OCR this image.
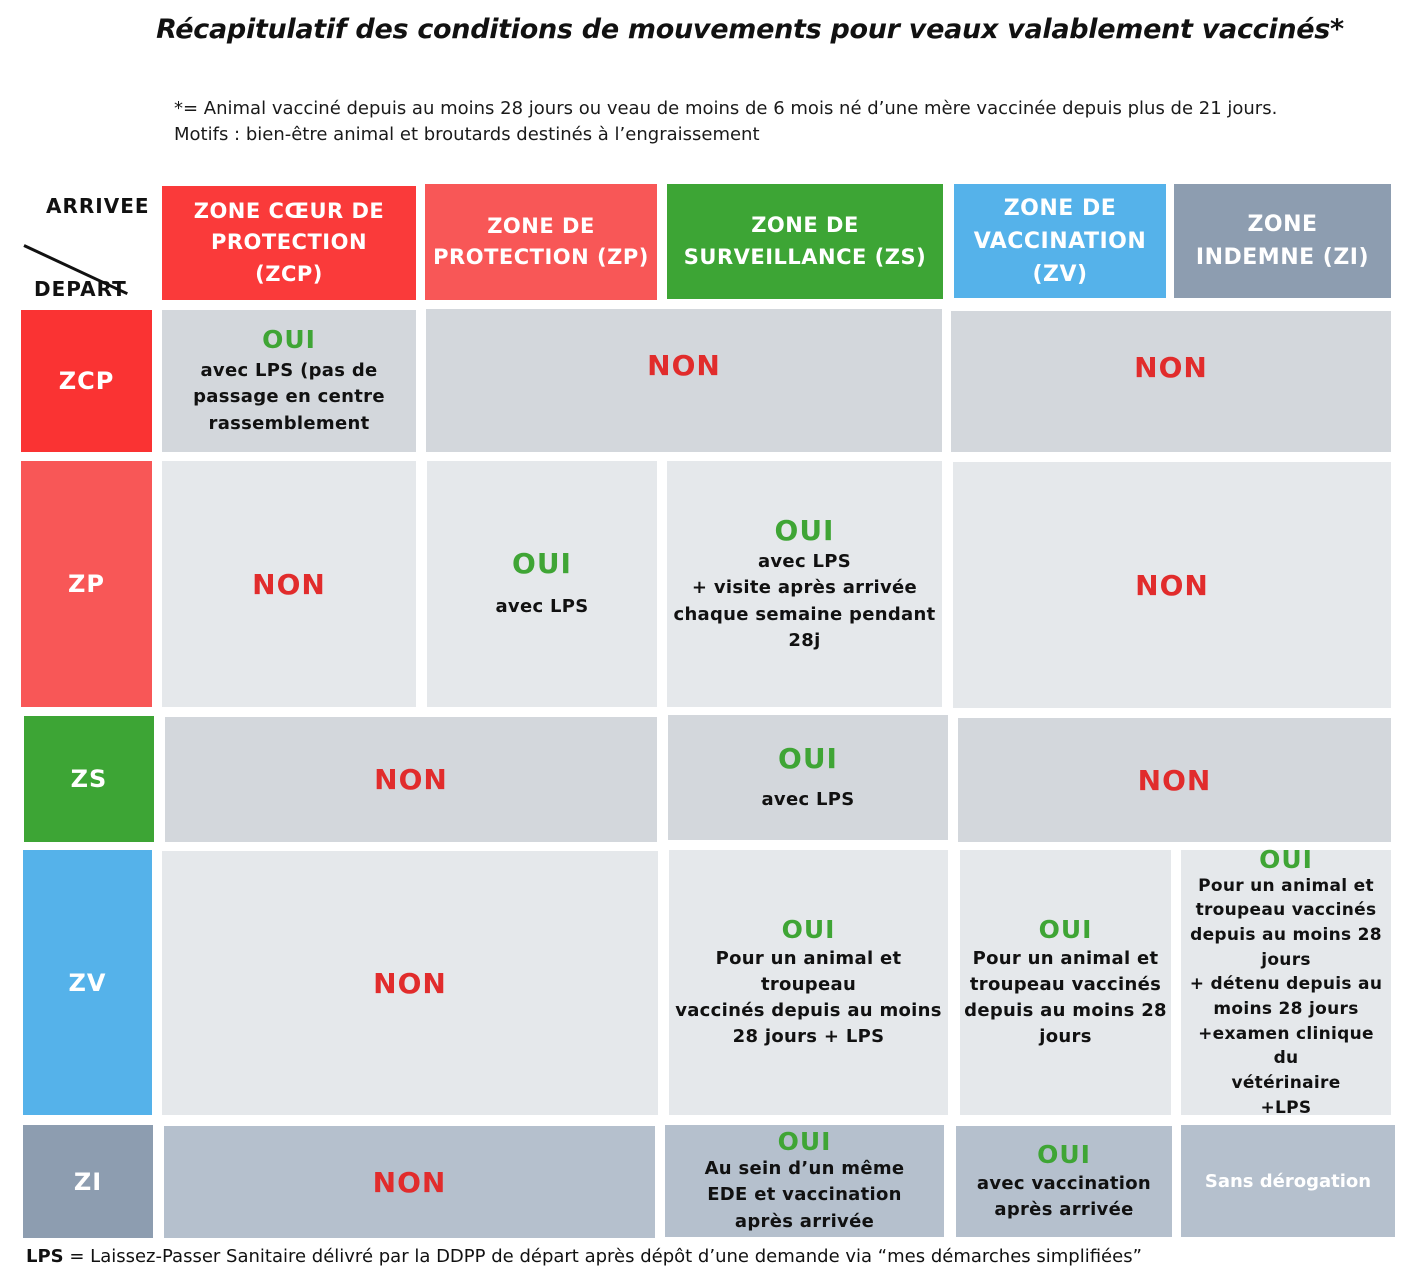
Récapitulatif des conditions de mouvements pour veaux valablement vaccinés*
*= Animal vacciné depuis au moins 28 jours ou veau de moins de 6 mois né d’une mère vaccinée depuis plus de 21 jours.
Motifs : bien-être animal et broutards destinés à l’engraissement
ARRIVEE
DEPART
ZONE CŒUR DE
PROTECTION
(ZCP)
ZONE DE
PROTECTION (ZP)
ZONE DE
SURVEILLANCE (ZS)
ZONE DE
VACCINATION
(ZV)
ZONE
INDEMNE (ZI)
ZCP
ZP
ZS
ZV
ZI
OUI
avec LPS (pas de
passage en centre
rassemblement
NON	NON
NON
OUI
avec LPS
OUI
avec LPS
+ visite après arrivée
chaque semaine pendant
28j
NON
NON
OUI
avec LPS
NON
NON
OUI
Pour un animal et troupeau
vaccinés depuis au moins
28 jours + LPS
OUI
Pour un animal et
troupeau vaccinés
depuis au moins 28
jours
OUI
Pour un animal et
troupeau vaccinés
depuis au moins 28
jours
+ détenu depuis au
moins 28 jours
+examen clinique du
vétérinaire
+LPS
NON
OUI
Au sein d’un même
EDE et vaccination
après arrivée
OUI
avec vaccination
après arrivée
Sans dérogation
LPS = Laissez-Passer Sanitaire délivré par la DDPP de départ après dépôt d’une demande via “mes démarches simplifiées”
